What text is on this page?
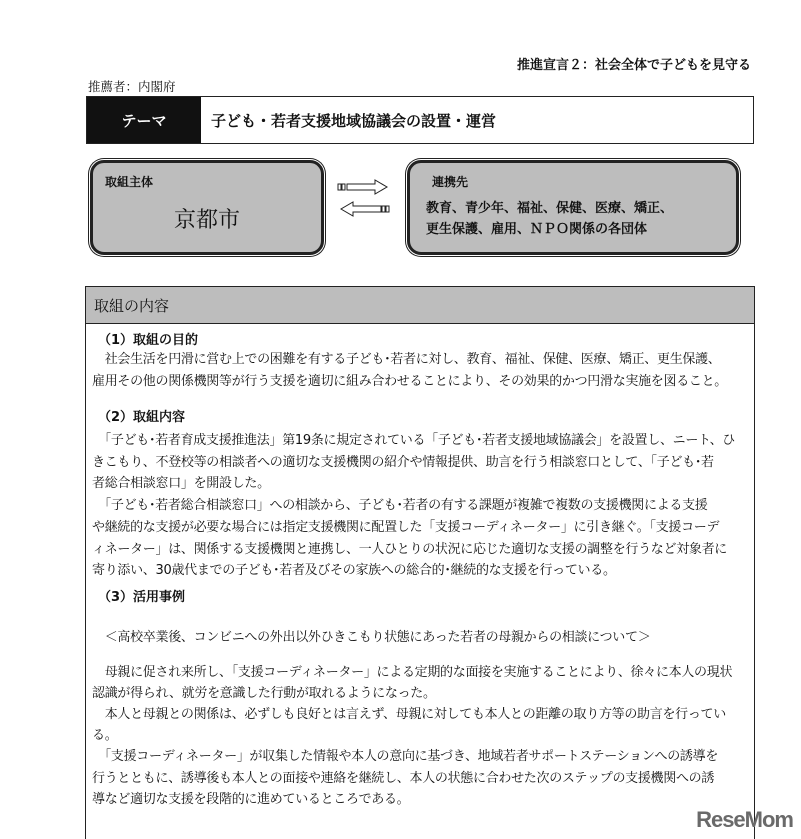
推進宣言２：社会全体で子どもを見守る
推薦者：内閣府
テーマ	子ども・若者支援地域協議会の設置・運営
取組主体
京都市
連携先
教育、青少年、福祉、保健、医療、矯正、
更生保護、雇用、ＮＰＯ関係の各団体
取組の内容
（1）取組の目的
　社会生活を円滑に営む上での困難を有する子ども･若者に対し、教育、福祉、保健、医療、矯正、更生保護、
雇用その他の関係機関等が行う支援を適切に組み合わせることにより、その効果的かつ円滑な実施を図ること。
（2）取組内容
　「子ども･若者育成支援推進法」第19条に規定されている「子ども･若者支援地域協議会」を設置し、ニート、ひ
きこもり、不登校等の相談者への適切な支援機関の紹介や情報提供、助言を行う相談窓口として、「子ども･若
者総合相談窓口」を開設した。
　「子ども･若者総合相談窓口」への相談から、子ども･若者の有する課題が複雑で複数の支援機関による支援
や継続的な支援が必要な場合には指定支援機関に配置した「支援コーディネーター」に引き継ぐ。「支援コーデ
ィネーター」は、関係する支援機関と連携し、一人ひとりの状況に応じた適切な支援の調整を行うなど対象者に
寄り添い、30歳代までの子ども･若者及びその家族への総合的･継続的な支援を行っている。
（3）活用事例
　＜高校卒業後、コンビニへの外出以外ひきこもり状態にあった若者の母親からの相談について＞
　母親に促され来所し、「支援コーディネーター」による定期的な面接を実施することにより、徐々に本人の現状
認識が得られ、就労を意識した行動が取れるようになった。
　本人と母親との関係は、必ずしも良好とは言えず、母親に対しても本人との距離の取り方等の助言を行ってい
る。
　「支援コーディネーター」が収集した情報や本人の意向に基づき、地域若者サポートステーションへの誘導を
行うとともに、誘導後も本人との面接や連絡を継続し、本人の状態に合わせた次のステップの支援機関への誘
導など適切な支援を段階的に進めているところである。
ReseMom
